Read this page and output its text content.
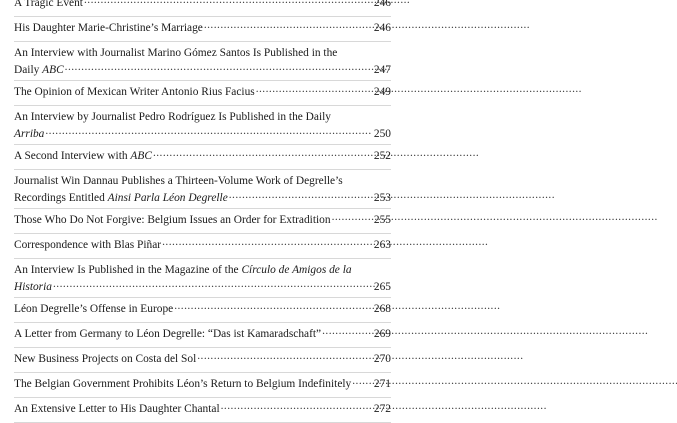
A Tragic Event . . .	246
His Daughter Marie-Christine’s Marriage . . .	246
An Interview with Journalist Marino Gómez Santos Is Published in the
Daily ABC . . .	247
The Opinion of Mexican Writer Antonio Rius Facius . . .	249
An Interview by Journalist Pedro Rodríguez Is Published in the Daily
Arriba . . .	250
A Second Interview with ABC . . .	252
Journalist Win Dannau Publishes a Thirteen-Volume Work of Degrelle’s
Recordings Entitled Ainsi Parla Léon Degrelle . . .	253
Those Who Do Not Forgive: Belgium Issues an Order for Extradition . . .	255
Correspondence with Blas Piñar . . .	263
An Interview Is Published in the Magazine of the Círculo de Amigos de la
Historia . . .	265
Léon Degrelle’s Offense in Europe . . .	268
A Letter from Germany to Léon Degrelle: “Das ist Kamaradschaft” . . .	269
New Business Projects on Costa del Sol . . .	270
The Belgian Government Prohibits Léon’s Return to Belgium Indefinitely . . . 271
An Extensive Letter to His Daughter Chantal . . .	272
